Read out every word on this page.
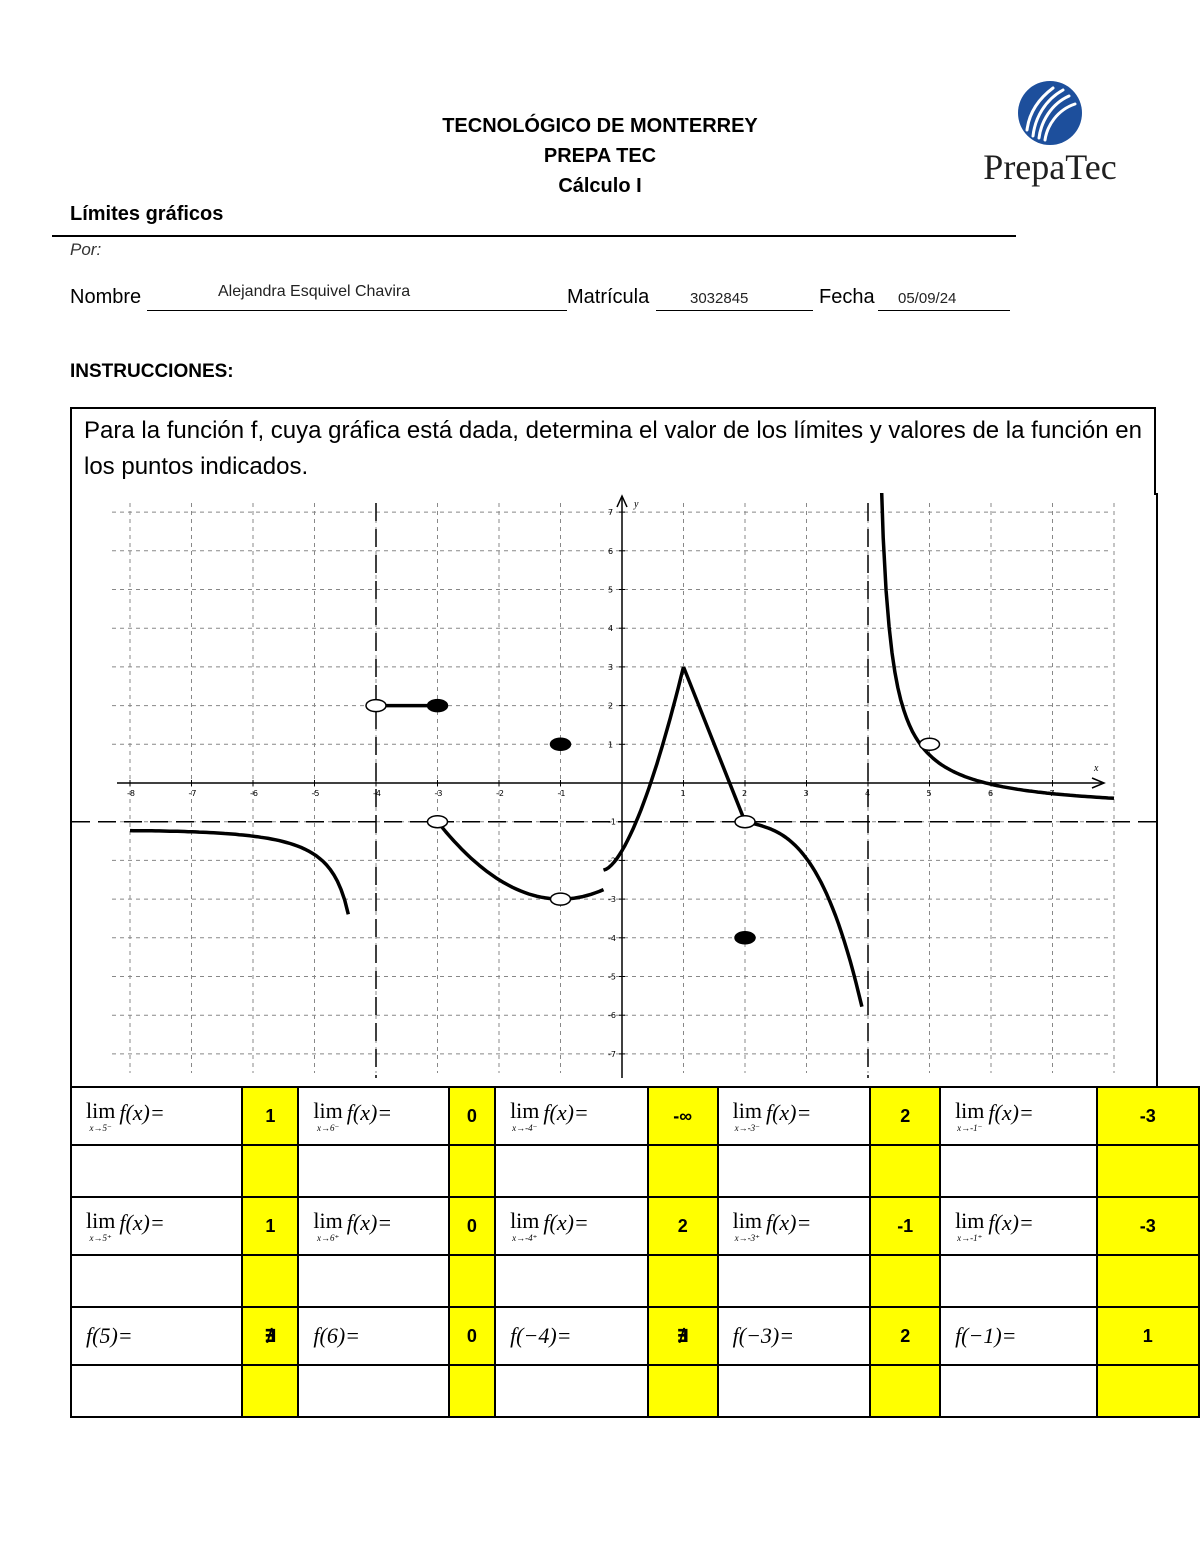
TECNOLÓGICO DE MONTERREY
PREPA TEC
Cálculo I	PrepaTec
Límites gráficos
Por:
Nombre	Alejandra Esquivel Chavira	Matrícula	3032845	Fecha 05/09/24
INSTRUCCIONES:
Para la función f, cuya gráfica está dada, determina el valor de los límites y valores de la función en los puntos indicados.
x
y
-8	-7	-6	-5	-4	-3	-2	-1	1	2	3	4	5	6	7
7
6
5
4
3
2
1
-1
-2
-3
-4
-5
-6
-7
lim
x→5⁻
f(x)=	1	lim
x→6⁻
f(x)=	0	lim
x→-4⁻
f(x)=	-∞	lim
x→-3⁻
f(x)=	2	lim
x→-1⁻
f(x)=	-3

lim
x→5⁺
f(x)=	1	lim
x→6⁺
f(x)=	0	lim
x→-4⁺
f(x)=	2	lim
x→-3⁺
f(x)=	-1	lim
x→-1⁺
f(x)=	-3

f(5)=	∄	f(6)=	0	f(−4)=	∄	f(−3)=	2	f(−1)=	1
